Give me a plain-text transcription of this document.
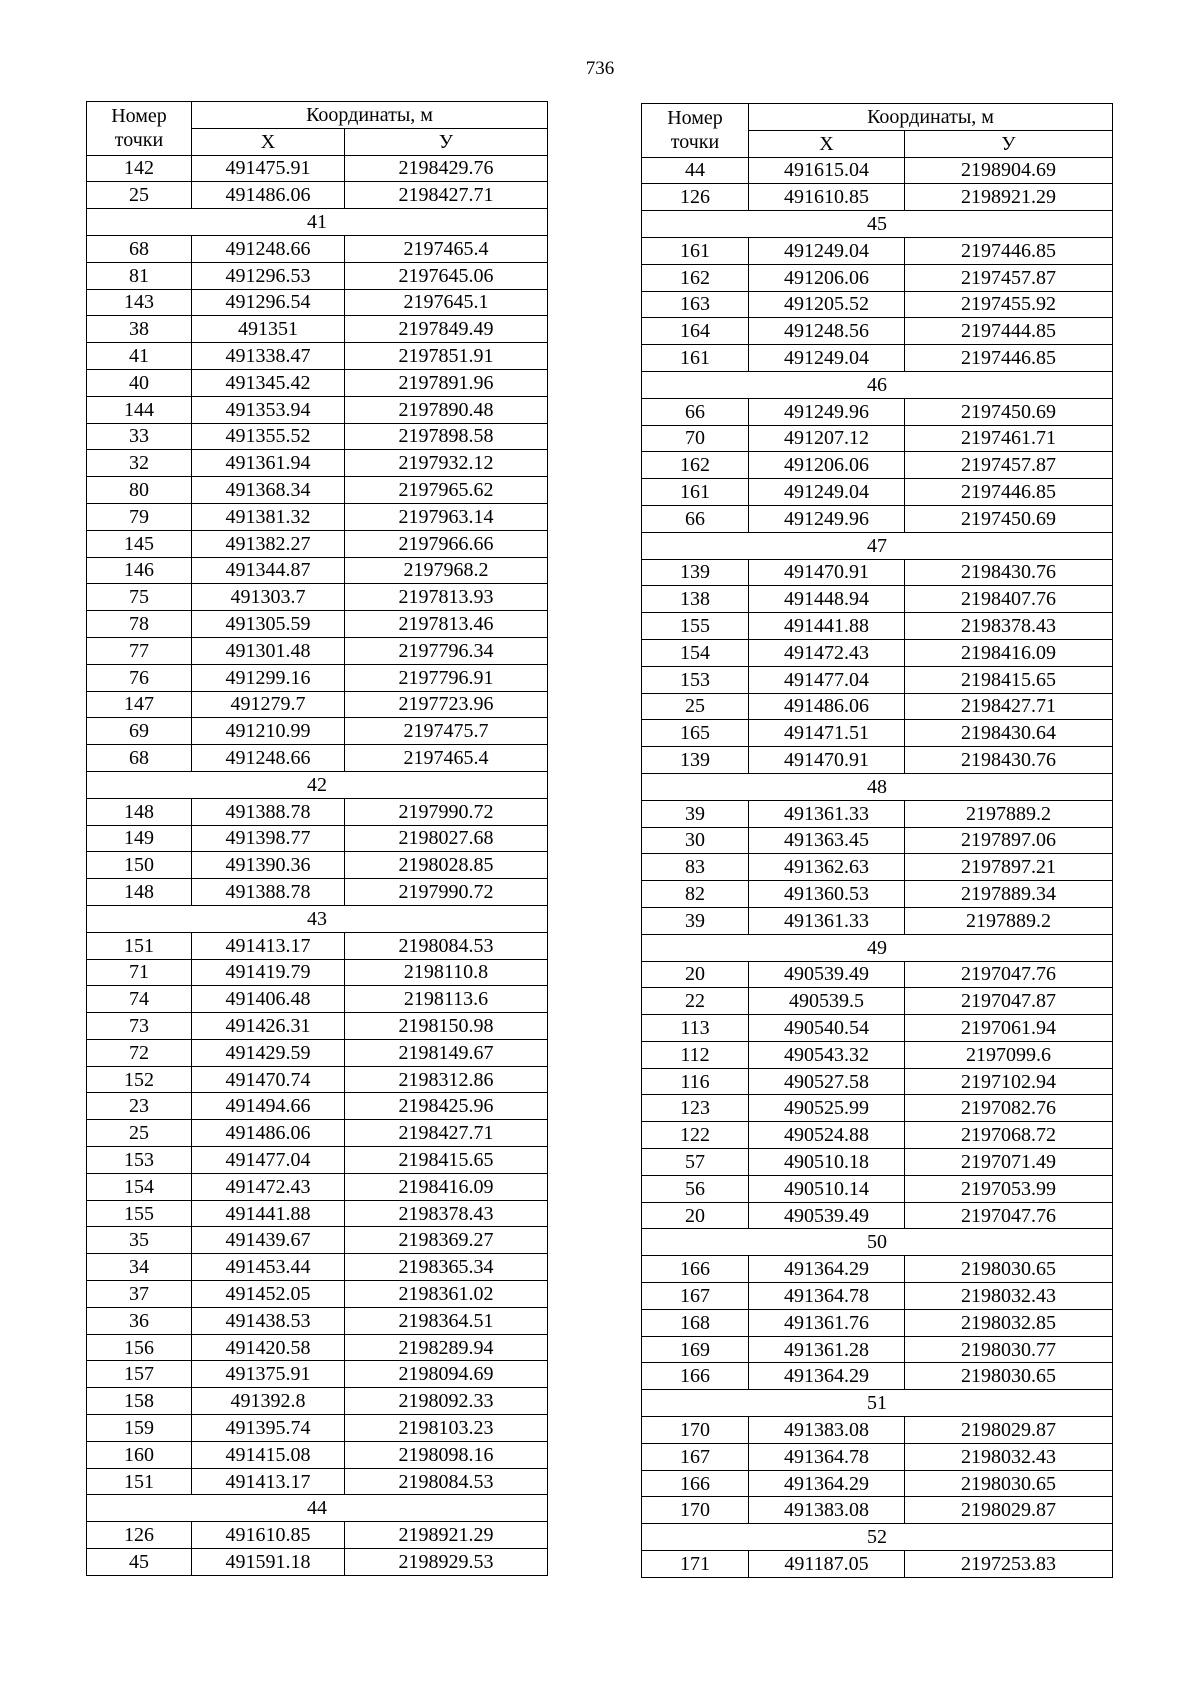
736
Номер
точки	Координаты, м	
	X	У
142	491475.91	2198429.76
25	491486.06	2198427.71
41		
68	491248.66	2197465.4
81	491296.53	2197645.06
143	491296.54	2197645.1
38	491351	2197849.49
41	491338.47	2197851.91
40	491345.42	2197891.96
144	491353.94	2197890.48
33	491355.52	2197898.58
32	491361.94	2197932.12
80	491368.34	2197965.62
79	491381.32	2197963.14
145	491382.27	2197966.66
146	491344.87	2197968.2
75	491303.7	2197813.93
78	491305.59	2197813.46
77	491301.48	2197796.34
76	491299.16	2197796.91
147	491279.7	2197723.96
69	491210.99	2197475.7
68	491248.66	2197465.4
42		
148	491388.78	2197990.72
149	491398.77	2198027.68
150	491390.36	2198028.85
148	491388.78	2197990.72
43		
151	491413.17	2198084.53
71	491419.79	2198110.8
74	491406.48	2198113.6
73	491426.31	2198150.98
72	491429.59	2198149.67
152	491470.74	2198312.86
23	491494.66	2198425.96
25	491486.06	2198427.71
153	491477.04	2198415.65
154	491472.43	2198416.09
155	491441.88	2198378.43
35	491439.67	2198369.27
34	491453.44	2198365.34
37	491452.05	2198361.02
36	491438.53	2198364.51
156	491420.58	2198289.94
157	491375.91	2198094.69
158	491392.8	2198092.33
159	491395.74	2198103.23
160	491415.08	2198098.16
151	491413.17	2198084.53
44		
126	491610.85	2198921.29
45	491591.18	2198929.53
Номер
точки	Координаты, м	
	X	У
44	491615.04	2198904.69
126	491610.85	2198921.29
45		
161	491249.04	2197446.85
162	491206.06	2197457.87
163	491205.52	2197455.92
164	491248.56	2197444.85
161	491249.04	2197446.85
46		
66	491249.96	2197450.69
70	491207.12	2197461.71
162	491206.06	2197457.87
161	491249.04	2197446.85
66	491249.96	2197450.69
47		
139	491470.91	2198430.76
138	491448.94	2198407.76
155	491441.88	2198378.43
154	491472.43	2198416.09
153	491477.04	2198415.65
25	491486.06	2198427.71
165	491471.51	2198430.64
139	491470.91	2198430.76
48		
39	491361.33	2197889.2
30	491363.45	2197897.06
83	491362.63	2197897.21
82	491360.53	2197889.34
39	491361.33	2197889.2
49		
20	490539.49	2197047.76
22	490539.5	2197047.87
113	490540.54	2197061.94
112	490543.32	2197099.6
116	490527.58	2197102.94
123	490525.99	2197082.76
122	490524.88	2197068.72
57	490510.18	2197071.49
56	490510.14	2197053.99
20	490539.49	2197047.76
50		
166	491364.29	2198030.65
167	491364.78	2198032.43
168	491361.76	2198032.85
169	491361.28	2198030.77
166	491364.29	2198030.65
51		
170	491383.08	2198029.87
167	491364.78	2198032.43
166	491364.29	2198030.65
170	491383.08	2198029.87
52		
171	491187.05	2197253.83
